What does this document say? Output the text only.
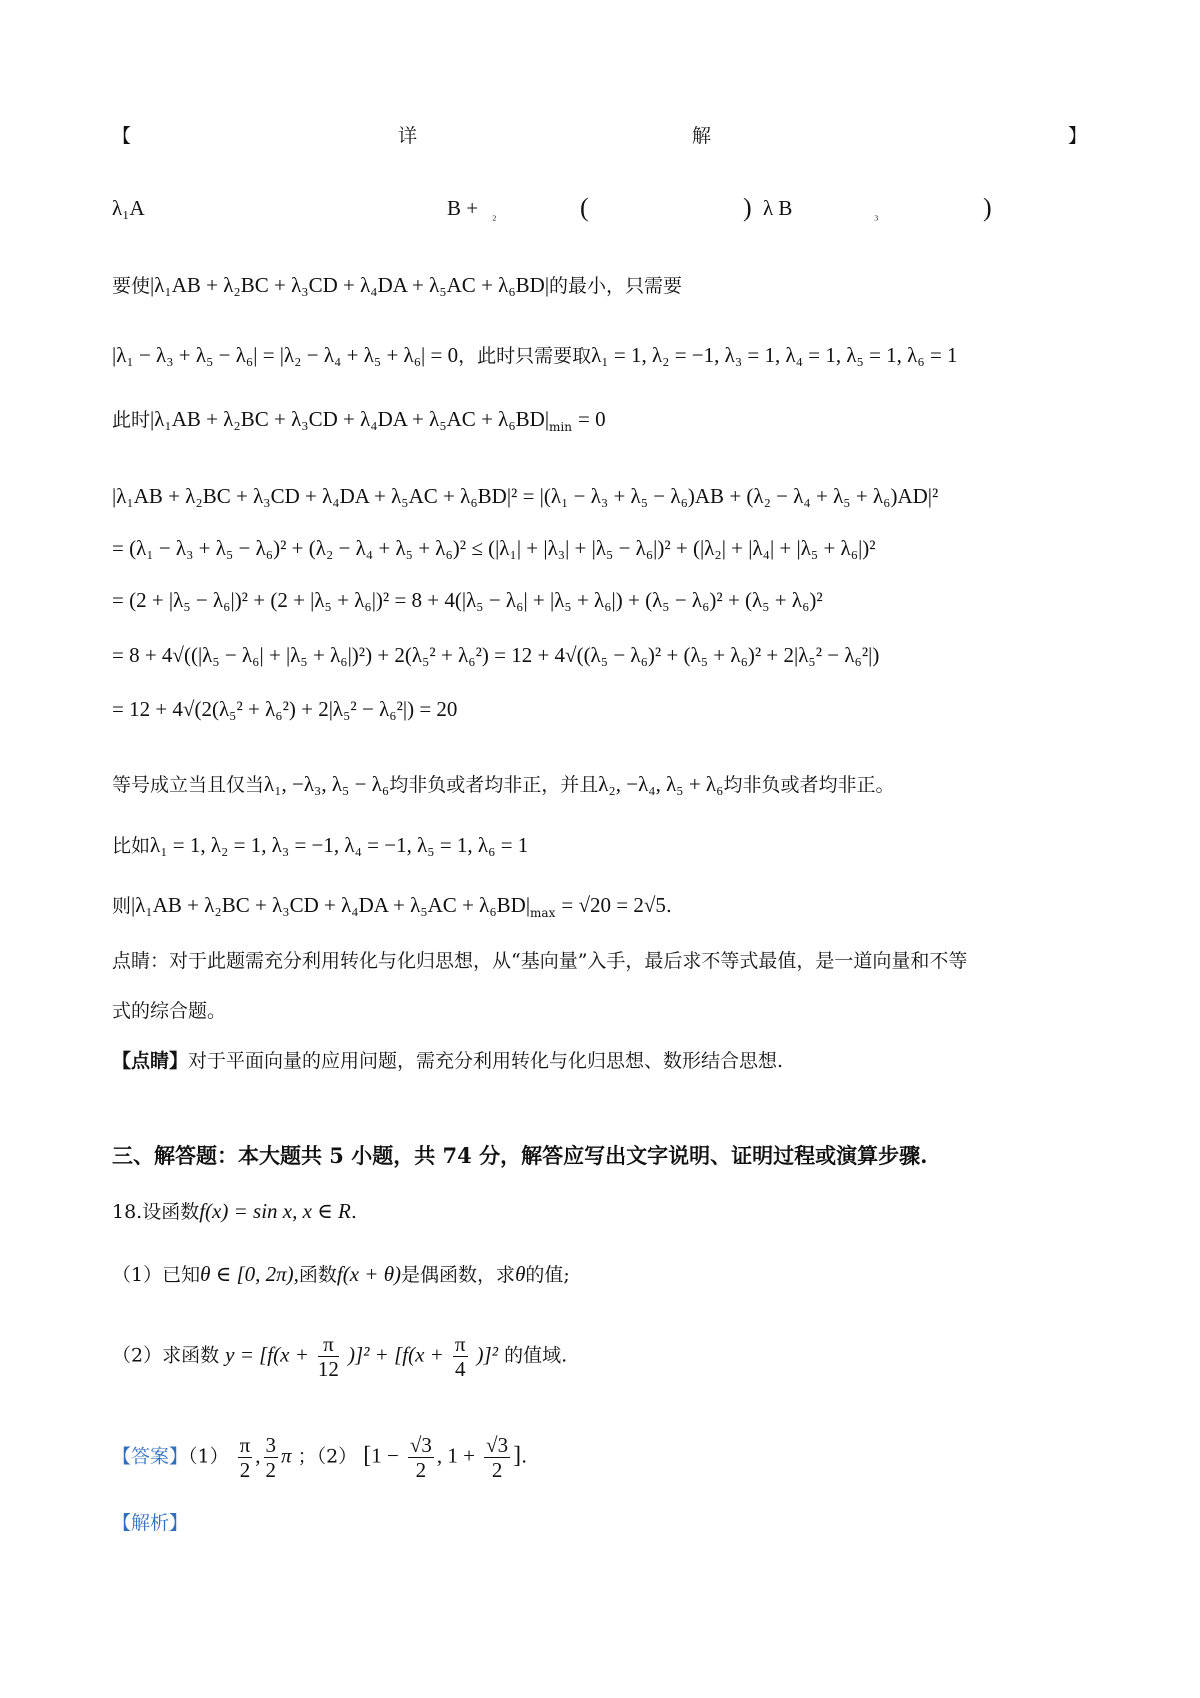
【	详	解	】
λ₁A	B + ₂	(	) λ B	₃	)
要使|λ₁AB + λ₂BC + λ₃CD + λ₄DA + λ₅AC + λ₆BD|的最小，只需要
|λ₁ − λ₃ + λ₅ − λ₆| = |λ₂ − λ₄ + λ₅ + λ₆| = 0，此时只需要取λ₁ = 1, λ₂ = −1, λ₃ = 1, λ₄ = 1, λ₅ = 1, λ₆ = 1
此时$|\lambda_1AB + \lambda_2BC + \lambda_3CD + \lambda_4DA + \lambda_5AC + \lambda_6BD|_{min} = 0$
|λ₁AB + λ₂BC + λ₃CD + λ₄DA + λ₅AC + λ₆BD|² = |(λ₁ − λ₃ + λ₅ − λ₆)AB + (λ₂ − λ₄ + λ₅ + λ₆)AD|²
= (λ₁ − λ₃ + λ₅ − λ₆)² + (λ₂ − λ₄ + λ₅ + λ₆)² ≤ (|λ₁| + |λ₃| + |λ₅ − λ₆|)² + (|λ₂| + |λ₄| + |λ₅ + λ₆|)²
= (2 + |λ₅ − λ₆|)² + (2 + |λ₅ + λ₆|)² = 8 + 4(|λ₅ − λ₆| + |λ₅ + λ₆|) + (λ₅ − λ₆)² + (λ₅ + λ₆)²
= 8 + 4√((|λ₅ − λ₆| + |λ₅ + λ₆|)²) + 2(λ₅² + λ₆²) = 12 + 4√((λ₅ − λ₆)² + (λ₅ + λ₆)² + 2|λ₅² − λ₆²|)
= 12 + 4√(2(λ₅² + λ₆²) + 2|λ₅² − λ₆²|) = 20
等号成立当且仅当λ₁, −λ₃, λ₅ − λ₆均非负或者均非正，并且λ₂, −λ₄, λ₅ + λ₆均非负或者均非正。
比如λ₁ = 1, λ₂ = 1, λ₃ = −1, λ₄ = −1, λ₅ = 1, λ₆ = 1
则$|\lambda_1AB + \lambda_2BC + \lambda_3CD + \lambda_4DA + \lambda_5AC + \lambda_6BD|_{max} = √20 = 2√5$.
点睛：对于此题需充分利用转化与化归思想，从“基向量”入手，最后求不等式最值，是一道向量和不等
式的综合题。
【点睛】对于平面向量的应用问题，需充分利用转化与化归思想、数形结合思想.
三、解答题：本大题共 5 小题，共 74 分，解答应写出文字说明、证明过程或演算步骤.
18.设函数f(x) = sin x, x ∈ R.
（1）已知θ ∈ [0, 2π),函数f(x + θ)是偶函数，求θ的值;
（2）求函数 $y = [f(x + \frac{\pi}{12} )]^2 + [f(x + \frac{\pi}{4} )]^2$ 的值域.
【答案】$(1) \frac{\pi}{2}$ , $\frac{3}{2}$ π ；（2） [$1 - \frac{√3}{2}$ , $1 + \frac{√3}{2}$ ].
【解析】
